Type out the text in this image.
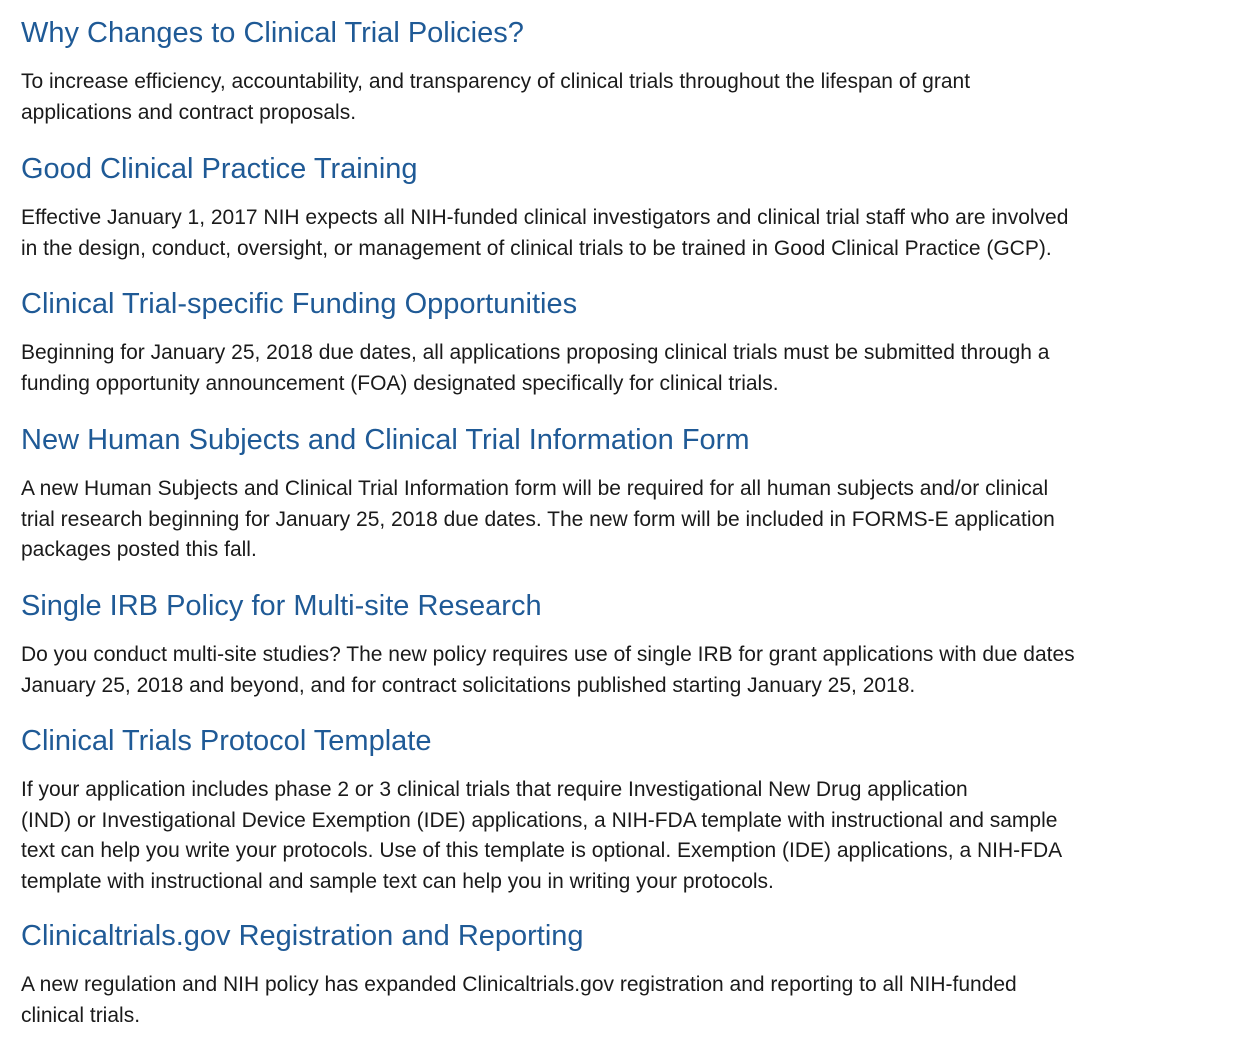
Why Changes to Clinical Trial Policies?

To increase efficiency, accountability, and transparency of clinical trials throughout the lifespan of grant
applications and contract proposals.

Good Clinical Practice Training

Effective January 1, 2017 NIH expects all NIH-funded clinical investigators and clinical trial staff who are involved
in the design, conduct, oversight, or management of clinical trials to be trained in Good Clinical Practice (GCP).

Clinical Trial-specific Funding Opportunities

Beginning for January 25, 2018 due dates, all applications proposing clinical trials must be submitted through a
funding opportunity announcement (FOA) designated specifically for clinical trials.

New Human Subjects and Clinical Trial Information Form

A new Human Subjects and Clinical Trial Information form will be required for all human subjects and/or clinical
trial research beginning for January 25, 2018 due dates. The new form will be included in FORMS-E application
packages posted this fall.

Single IRB Policy for Multi-site Research

Do you conduct multi-site studies? The new policy requires use of single IRB for grant applications with due dates
January 25, 2018 and beyond, and for contract solicitations published starting January 25, 2018.

Clinical Trials Protocol Template

If your application includes phase 2 or 3 clinical trials that require Investigational New Drug application
(IND) or Investigational Device Exemption (IDE) applications, a NIH-FDA template with instructional and sample
text can help you write your protocols. Use of this template is optional. Exemption (IDE) applications, a NIH-FDA
template with instructional and sample text can help you in writing your protocols.

Clinicaltrials.gov Registration and Reporting

A new regulation and NIH policy has expanded Clinicaltrials.gov registration and reporting to all NIH-funded
clinical trials.
